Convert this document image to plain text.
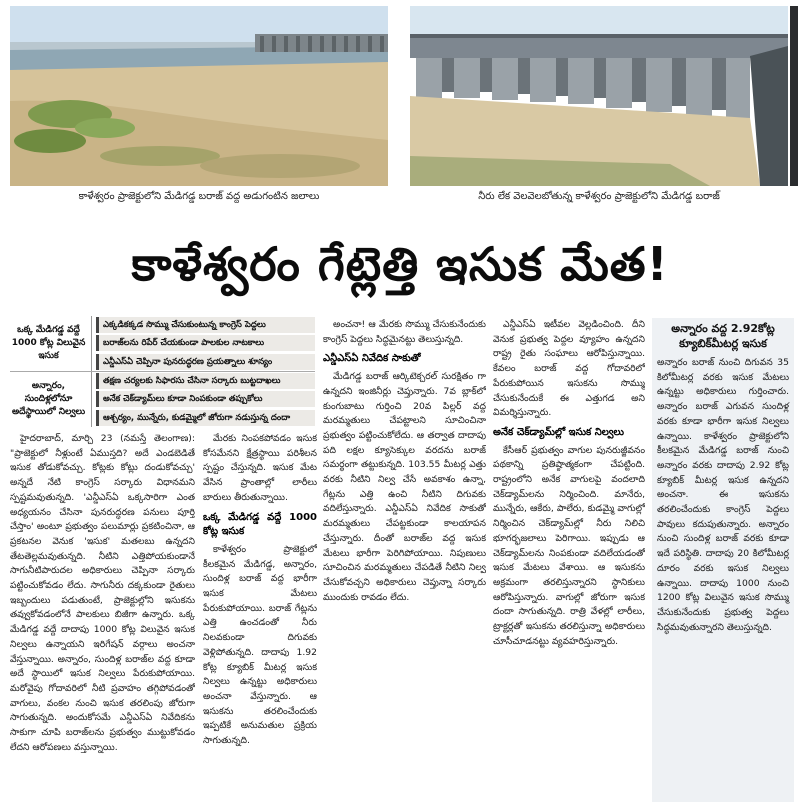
కాళేశ్వరం ప్రాజెక్టులోని మేడిగడ్డ బరాజ్ వద్ద అడుగంటిన జలాలు	నీరు లేక వెలవెలబోతున్న కాళేశ్వరం ప్రాజెక్టులోని మేడిగడ్డ బరాజ్
కాళేశ్వరం గేట్లెత్తి ఇసుక మేత!
ఒక్క మేడిగడ్డ వద్దే 1000 కోట్ల విలువైన ఇసుక
ఎక్కడికక్కడ సొమ్ము చేసుకుంటున్న కాంగ్రెస్ పెద్దలు
బరాజ్‌లను రిపేర్ చేయకుండా పాలకుల నాటకాలు
ఎన్డీఎస్‌ఏ చెప్పినా పునరుద్ధరణ ప్రయత్నాలు శూన్యం
అన్నారం, సుందిళ్లలోనూ అదేస్థాయిలో నిల్వలు
తక్షణ చర్యలకు సిఫారసు చేసినా సర్కారు బుట్టదాఖలు
అనేక చెక్‌డ్యామ్‌లు కూడా నింపకుండా తప్పుకోలు
ఆశ్చర్యం, మున్నేరు, కుడమ్మైలో జోరుగా నడుస్తున్న దందా

హైదరాబాద్, మార్చి 23 (నమస్తే తెలంగాణ): "ప్రాజెక్టులో నీళ్లుంటే ఏముస్తది? అదే ఎండబెడితే ఇసుక తోడుకోవచ్చు. కోట్లకు కోట్లు దండుకోవచ్చు' అన్నదే నేటి కాంగ్రెస్ సర్కారు విధానమని స్పష్టమవుతున్నది. 'ఎన్డీఎస్‌ఏ ఒక్కసారిగా ఎంత అధ్యయనం చేసినా పునరుద్ధరణ పనులు పూర్తి చేస్తాం' అంటూ ప్రభుత్వం పలుమార్లు ప్రకటించినా, ఆ ప్రకటనల వెనుక 'ఇసుక' మతలబు ఉన్నదని తేటతెల్లమవుతున్నది. నీటిని ఎత్తిపోయకుండానే సాగునీటిపారుదల అధికారులు చెప్పినా సర్కారు పట్టించుకోవడం లేదు. సాగునీరు దక్కకుండా రైతులు ఇబ్బందులు పడుతుంటే, ప్రాజెక్టుల్లోని ఇసుకను తవ్వుకోవడంలోనే పాలకులు బిజీగా ఉన్నారు. ఒక్క మేడిగడ్డ వద్దే దాదాపు 1000 కోట్ల విలువైన ఇసుక నిల్వలు ఉన్నాయని ఇరిగేషన్ వర్గాలు అంచనా వేస్తున్నాయి. అన్నారం, సుందిళ్ల బరాజ్‌ల వద్ద కూడా అదే స్థాయిలో ఇసుక నిల్వలు పేరుకుపోయాయి. మరోవైపు గోదావరిలో నీటి ప్రవాహం తగ్గిపోవడంతో వాగులు, వంకల నుంచి ఇసుక తరలింపు జోరుగా సాగుతున్నది. అందుకోసమే ఎన్డీఎస్‌ఏ నివేదికను సాకుగా చూపి బరాజ్‌లను ప్రభుత్వం ముట్టుకోవడం లేదని ఆరోపణలు వస్తున్నాయి.

మేరకు నింపకపోవడం ఇసుక కోసమేనని క్షేత్రస్థాయి పరిశీలన స్పష్టం చేస్తున్నది. ఇసుక మేట వేసిన ప్రాంతాల్లో లారీలు బారులు తీరుతున్నాయి.

ఒక్క మేడిగడ్డ వద్దే 1000 కోట్ల ఇసుక

కాళేశ్వరం ప్రాజెక్టులో కీలకమైన మేడిగడ్డ, అన్నారం, సుందిళ్ల బరాజ్ వద్ద భారీగా ఇసుక మేటలు పేరుకుపోయాయి. బరాజ్ గేట్లను ఎత్తి ఉంచడంతో నీరు నిలవకుండా దిగువకు వెళ్లిపోతున్నది. దాదాపు 1.92 కోట్ల క్యూబిక్ మీటర్ల ఇసుక నిల్వలు ఉన్నట్టు అధికారులు అంచనా వేస్తున్నారు. ఆ ఇసుకను తరలించేందుకు ఇప్పటికే అనుమతుల ప్రక్రియ సాగుతున్నది.

అంచనా! ఆ మేరకు సొమ్ము చేసుకునేందుకు కాంగ్రెస్ పెద్దలు సిద్ధమైనట్టు తెలుస్తున్నది.

ఎన్డీఎస్‌ఏ నివేదిక సాకుతో

మేడిగడ్డ బరాజ్ ఆర్కిటెక్చరల్ సురక్షితం గా ఉన్నదని ఇంజినీర్లు చెప్తున్నారు. 7వ బ్లాక్‌లో కుంగుబాటు గుర్తించి 20వ పిల్లర్ వద్ద మరమ్మతులు చేపట్టాలని సూచించినా ప్రభుత్వం పట్టించుకోలేదు. ఆ తర్వాత దాదాపు పది లక్షల క్యూసెక్కుల వరదను బరాజ్ సమర్థంగా తట్టుకున్నది. 103.55 మీటర్ల ఎత్తు వరకు నీటిని నిల్వ చేసే అవకాశం ఉన్నా, గేట్లను ఎత్తి ఉంచి నీటిని దిగువకు వదిలేస్తున్నారు. ఎన్డీఎస్‌ఏ నివేదిక సాకుతో మరమ్మతులు చేపట్టకుండా కాలయాపన చేస్తున్నారు. దీంతో బరాజ్‌ల వద్ద ఇసుక మేటలు భారీగా పెరిగిపోయాయి. నిపుణులు సూచించిన మరమ్మతులు చేపడితే నీటిని నిల్వ చేసుకోవచ్చని అధికారులు చెప్తున్నా సర్కారు ముందుకు రావడం లేదు.

ఎన్డీఎస్‌ఏ ఇటీవల వెల్లడించింది. దీని వెనుక ప్రభుత్వ పెద్దల వ్యూహం ఉన్నదని రాష్ట్ర రైతు సంఘాలు ఆరోపిస్తున్నాయి. కేవలం బరాజ్ వద్ద గోదావరిలో పేరుకుపోయిన ఇసుకను సొమ్ము చేసుకునేందుకే ఈ ఎత్తుగడ అని విమర్శిస్తున్నారు.

అనేక చెక్‌డ్యామ్‌ల్లో ఇసుక నిల్వలు

కేసీఆర్ ప్రభుత్వం వాగుల పునరుజ్జీవనం పథకాన్ని ప్రతిష్ఠాత్మకంగా చేపట్టింది. రాష్ట్రంలోని అనేక వాగులపై వందలాది చెక్‌డ్యామ్‌లను నిర్మించింది. మానేరు, మున్నేరు, ఆకేరు, పాలేరు, కుడమ్మై వాగుల్లో నిర్మించిన చెక్‌డ్యామ్‌ల్లో నీరు నిలిచి భూగర్భజలాలు పెరిగాయి. ఇప్పుడు ఆ చెక్‌డ్యామ్‌లను నింపకుండా వదిలేయడంతో ఇసుక మేటలు వేశాయి. ఆ ఇసుకను అక్రమంగా తరలిస్తున్నారని స్థానికులు ఆరోపిస్తున్నారు. వాగుల్లో జోరుగా ఇసుక దందా సాగుతున్నది. రాత్రి వేళల్లో లారీలు, ట్రాక్టర్లతో ఇసుకను తరలిస్తున్నా అధికారులు చూసీచూడనట్టు వ్యవహరిస్తున్నారు.

అన్నారం వద్ద 2.92కోట్ల క్యూబిక్‌మీటర్ల ఇసుక
అన్నారం బరాజ్ నుంచి దిగువన 35 కిలోమీటర్ల వరకు ఇసుక మేటలు ఉన్నట్టు అధికారులు గుర్తించారు. అన్నారం బరాజ్ ఎగువన సుందిళ్ల వరకు కూడా భారీగా ఇసుక నిల్వలు ఉన్నాయి. కాళేశ్వరం ప్రాజెక్టులోని కీలకమైన మేడిగడ్డ బరాజ్ నుంచి అన్నారం వరకు దాదాపు 2.92 కోట్ల క్యూబిక్ మీటర్ల ఇసుక ఉన్నదని అంచనా. ఈ ఇసుకను తరలించేందుకు కాంగ్రెస్ పెద్దలు పావులు కదుపుతున్నారు. అన్నారం నుంచి సుందిళ్ల బరాజ్ వరకు కూడా ఇదే పరిస్థితి. దాదాపు 20 కిలోమీటర్ల దూరం వరకు ఇసుక నిల్వలు ఉన్నాయి. దాదాపు 1000 నుంచి 1200 కోట్ల విలువైన ఇసుక సొమ్ము చేసుకునేందుకు ప్రభుత్వ పెద్దలు సిద్ధమవుతున్నారని తెలుస్తున్నది.
